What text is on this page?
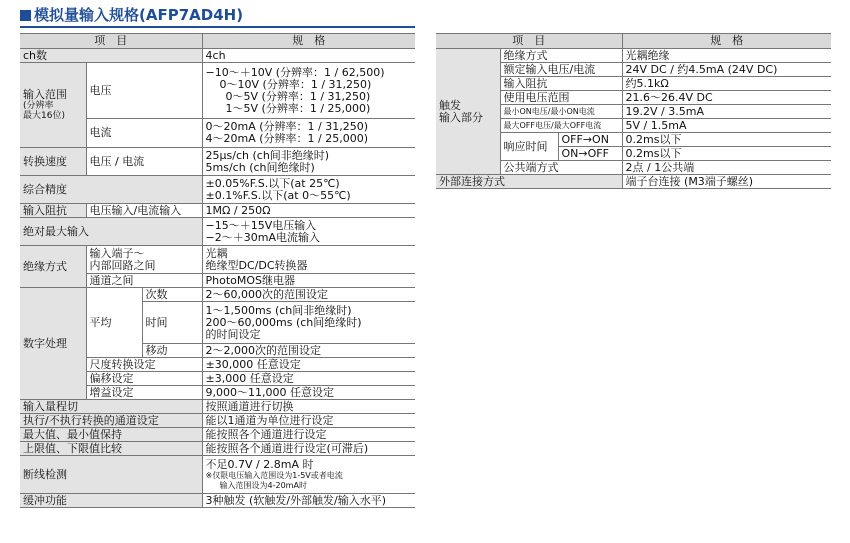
模拟量输入规格(AFP7AD4H)
项　目			规　格
ch数			4ch

输入范围
(分辨率
最大16位)	电压		−10～＋10V (分辨率：1 / 62,500)
0～10V (分辨率：1 / 31,250)
0～5V (分辨率：1 / 31,250)
1～5V (分辨率：1 / 25,000)

	电流		0～20mA (分辨率：1 / 31,250)
4～20mA (分辨率：1 / 25,000)

转换速度	电压 / 电流		25μs/ch (ch间非绝缘时)
5ms/ch (ch间绝缘时)

综合精度			±0.05%F.S.以下(at 25℃)
±0.1%F.S.以下(at 0～55℃)

输入阻抗	电压输入/电流输入		1MΩ / 250Ω
绝对最大输入			−15～＋15V电压输入
−2～＋30mA电流输入

绝缘方式	输入端子～
内部回路之间		光耦
绝缘型DC/DC转换器

	通道之间		PhotoMOS继电器
数字处理	平均	次数	2～60,000次的范围设定
		时间	1～1,500ms (ch间非绝缘时)
200～60,000ms (ch间绝缘时)
的时间设定

		移动	2～2,000次的范围设定
	尺度转换设定		±30,000 任意设定
	偏移设定		±3,000 任意设定
	增益设定		9,000～11,000 任意设定
输入量程切			按照通道进行切换
执行/不执行转换的通道设定			能以1通道为单位进行设定
最大值、最小值保持			能按照各个通道进行设定
上限值、下限值比较			能按照各个通道进行设定(可滞后)
断线检测			不足0.7V / 2.8mA 时
※仅限电压输入范围设为1-5V或者电流
输入范围设为4-20mA时

缓冲功能			3种触发 (软触发/外部触发/输入水平)
项　目			规　格

触发
输入部分	绝缘方式		光耦绝缘
	额定输入电压/电流		24V DC / 约4.5mA (24V DC)
	输入阻抗		约5.1kΩ
	使用电压范围		21.6～26.4V DC
	最小ON电压/最小ON电流		19.2V / 3.5mA
	最大OFF电压/最大OFF电流		5V / 1.5mA
	响应时间	OFF→ON	0.2ms以下
		ON→OFF	0.2ms以下
	公共端方式		2点 / 1公共端
外部连接方式			端子台连接 (M3端子螺丝)
